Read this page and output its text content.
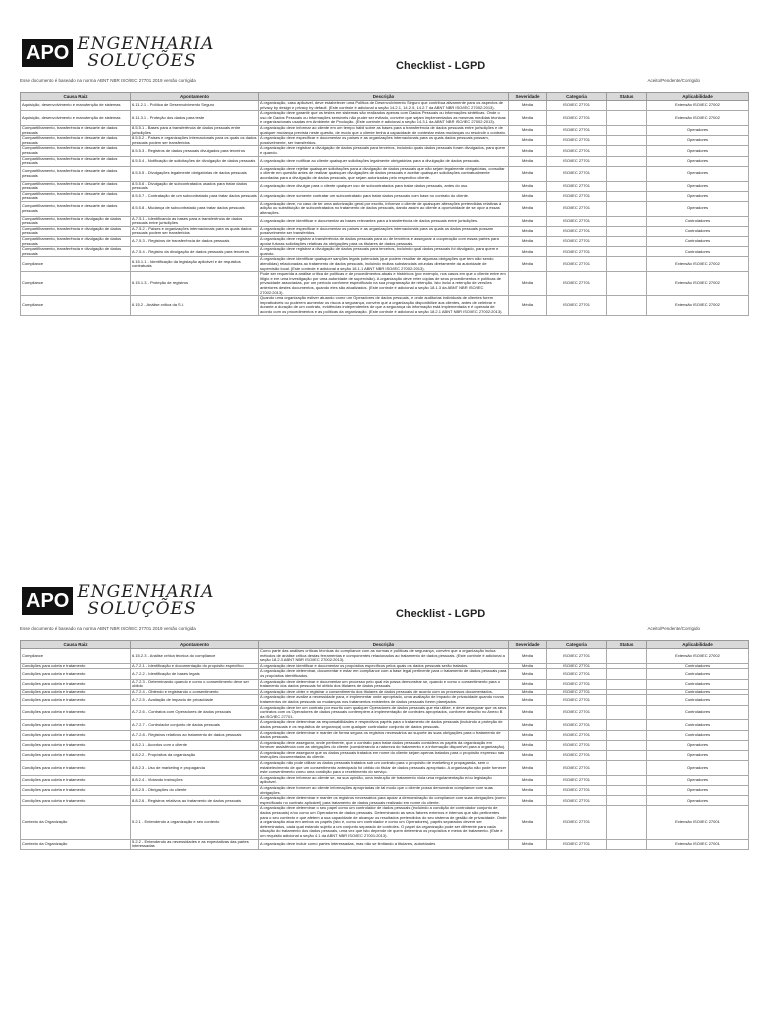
APO ENGENHARIA
SOLUÇÕES	Checklist - LGPD
Esse documento é baseado na norma ABNT NBR ISO/IEC 27701 2019 versão corrigida	Aceito/Pendente/Corrigido
Causa Raiz	Apontamento	Descrição	Severidade	Categoria	Status	Aplicabilidade
Aquisição, desenvolvimento e manutenção de sistemas	6.11.2.1 - Política de Desenvolvimento Seguro	A organização, caso aplicável, deve estabelecer uma Política de Desenvolvimento Seguro que contribua ativamente para os aspectos de privacy by design e privacy by default. (Este controle é adicional a seção 14.2.1, 14.2.5, 14.2.7 da ABNT NBR ISO/IEC 27002:2013).	Média	ISO/IEC 27701		Extensão ISO/IEC 27002
Aquisição, desenvolvimento e manutenção de sistemas	6.11.3.1 - Proteção dos dados para teste	A organização deve garantir que os testes em sistemas são realizados apenas com Dados Pessoais ou informações sintéticas. Onde o uso de Dados Pessoais ou informações sensíveis não puder ser evitado, convém que sejam implementados as mesmas medidas técnicas e organizacionais usadas em Ambiente de Produção. (Este controle é adicional a seção 14.3.1 da ABNT NBR ISO/IEC 27002:2013).	Média	ISO/IEC 27701		Extensão ISO/IEC 27002
Compartilhamento, transferência e descarte de dados pessoais	8.5.5.1 - Bases para a transferência de dados pessoais entre jurisdições	A organização deve informar ao cliente em um tempo hábil sobre as bases para a transferência de dados pessoais entre jurisdições e de qualquer mudança prevista neste quesito, de modo que o cliente tenha a capacidade de contestar estas mudanças ou rescindir o contrato.	Média	ISO/IEC 27701		Operadores
Compartilhamento, transferência e descarte de dados pessoais	8.5.5.2 - Países e organizações internacionais para os quais os dados pessoais podem ser transferidos	A organização deve especificar e documentar os países e as organizações internacionais para os quais dados pessoais possam, possivelmente, ser transferidos.	Média	ISO/IEC 27701		Operadores
Compartilhamento, transferência e descarte de dados pessoais	8.5.5.3 - Registros de dados pessoais divulgados para terceiros	A organização deve registrar a divulgação de dados pessoais para terceiros, incluindo quais dados pessoais foram divulgados, para quem e quando.	Média	ISO/IEC 27701		Operadores
Compartilhamento, transferência e descarte de dados pessoais	8.5.5.4 - Notificação de solicitações de divulgação de dados pessoais	A organização deve notificar ao cliente quaisquer solicitações legalmente obrigatórias para a divulgação de dados pessoais.	Média	ISO/IEC 27701		Operadores
Compartilhamento, transferência e descarte de dados pessoais	8.5.5.5 - Divulgações legalmente obrigatórias de dados pessoais	A organização deve rejeitar quaisquer solicitações para a divulgação de dados pessoais que não sejam legalmente obrigatórias, consultar o cliente em questão antes de realizar quaisquer divulgações de dados pessoais e aceitar quaisquer solicitações contratualmente acordadas para a divulgação de dados pessoais, que sejam autorizadas pelo respectivo cliente.	Média	ISO/IEC 27701		Operadores
Compartilhamento, transferência e descarte de dados pessoais	8.5.5.6 - Divulgação de subcontratados usados para tratar dados pessoais	A organização deve divulgar para o cliente qualquer uso de subcontratados para tratar dados pessoais, antes do uso.	Média	ISO/IEC 27701		Operadores
Compartilhamento, transferência e descarte de dados pessoais	8.5.5.7 - Contratação de um subcontratado para tratar dados pessoais	A organização deve somente contratar um subcontratado para tratar dados pessoais com base no contrato do cliente.	Média	ISO/IEC 27701		Operadores
Compartilhamento, transferência e descarte de dados pessoais	8.5.5.8 - Mudança de subcontratado para tratar dados pessoais	A organização deve, no caso de ter uma autorização geral por escrito, informar o cliente de quaisquer alterações pretendidas relativas à adição ou substituição de subcontratados no tratamento de dados pessoais, dando assim ao cliente a oportunidade de se opor a essas alterações.	Média	ISO/IEC 27701		Operadores
Compartilhamento, transferência e divulgação de dados pessoais	A.7.5.1 - Identificando as bases para a transferência de dados pessoais entre jurisdições	A organização deve identificar e documentar as bases relevantes para a transferência de dados pessoais entre jurisdições.	Média	ISO/IEC 27701		Controladores
Compartilhamento, transferência e divulgação de dados pessoais	A.7.5.2 - Países e organizações internacionais para os quais dados pessoais podem ser transferidos	A organização deve especificar e documentar os países e as organizações internacionais para os quais os dados pessoais possam possivelmente ser transferidos.	Média	ISO/IEC 27701		Controladores
Compartilhamento, transferência e divulgação de dados pessoais	A.7.5.3 - Registros de transferência de dados pessoais	A organização deve registrar a transferência de dados pessoais para ou de terceiros e assegurar a cooperação com essas partes para apoiar futuras solicitações relativas às obrigações para os titulares de dados pessoais.	Média	ISO/IEC 27701		Controladores
Compartilhamento, transferência e divulgação de dados pessoais	A.7.5.4 - Registro da divulgação de dados pessoais para terceiros	A organização deve registrar a divulgação de dados pessoais para terceiros, incluindo qual dados pessoais foi divulgado, para quem e quando.	Média	ISO/IEC 27701		Controladores
Compliance	6.15.1.1 - Identificação da legislação aplicável e de requisitos contratuais	A organização deve identificar quaisquer sanções legais potenciais (que podem resultar de algumas obrigações que tem não sendo atendidas) relacionadas ao tratamento de dados pessoais, incluindo multas substanciais oriundas diretamente da autoridade de supervisão local. (Este controle é adicional a seção 18.1.1 ABNT NBR ISO/IEC 27002:2013).	Média	ISO/IEC 27701		Extensão ISO/IEC 27002
Compliance	6.15.1.3 - Proteção de registros	Pode ser requerida a análise crítica de políticas e de procedimentos atuais e históricos (por exemplo, nos casos em que o cliente entre em litígio e em uma investigação por uma autoridade de supervisão). A organização deve reter cópias de seus procedimentos e políticas de privacidade associadas, por um período conforme especificado na sua programação de retenção. Isto inclui a retenção de versões anteriores destes documentos, quando eles são atualizados. (Este controle é adicional a seção 18.1.3 da ABNT NBR ISO/IEC 27002:2013).	Média	ISO/IEC 27701		Extensão ISO/IEC 27002
Compliance	6.15.2 - Análise crítica da S.I.	Quando uma organização estiver atuando como um Operadores de dados pessoais, e onde auditorias individuais de clientes forem impraticáveis ou puderem aumentar os riscos a segurança, convém que a organização disponibilize aos clientes, antes de celebrar e durante a duração de um contrato, evidências independentes de que a segurança da informação está implementada e é operada de acordo com os procedimentos e as políticas da organização. (Este controle é adicional a seção 18.2.1 ABNT NBR ISO/IEC 27002:2013).	Média	ISO/IEC 27701		Extensão ISO/IEC 27002
APO ENGENHARIA
SOLUÇÕES	Checklist - LGPD
Esse documento é baseado na norma ABNT NBR ISO/IEC 27701 2019 versão corrigida	Aceito/Pendente/Corrigido
Causa Raiz	Apontamento	Descrição	Severidade	Categoria	Status	Aplicabilidade
Compliance	6.15.2.3 - Análise crítica técnica do compliance	Como parte das análises críticas técnicas do compliance com as normas e políticas de segurança, convém que a organização inclua métodos de análise crítica destas ferramentas e componentes relacionados ao tratamento de dados pessoais. (Este controle é adicional a seção 18.2.3 ABNT NBR ISO/IEC 27002:2013).	Média	ISO/IEC 27701		Extensão ISO/IEC 27002
Condições para coleta e tratamento	A.7.2.1 - Identificação e documentação do propósito específico	A organização deve identificar e documentar os propósitos específicos pelos quais os dados pessoais serão tratados.	Média	ISO/IEC 27701		Controladores
Condições para coleta e tratamento	A.7.2.2 - Identificação de bases legais	A organização deve determinar, documentar e estar em compliance com a base legal pertinente para o tratamento de dados pessoais para os propósitos identificados.	Média	ISO/IEC 27701		Controladores
Condições para coleta e tratamento	A.7.2.3 - Determinando quando e como o consentimento deve ser obtido	A organização deve determinar e documentar um processo pelo qual ela possa demonstrar se, quando e como o consentimento para o tratamento dos dados pessoais foi obtido dos titulares de dados pessoais.	Média	ISO/IEC 27701		Controladores
Condições para coleta e tratamento	A.7.2.4 - Obtendo e registrando o consentimento	A organização deve obter e registrar o consentimento dos titulares de dados pessoais de acordo com os processos documentados.	Média	ISO/IEC 27701		Controladores
Condições para coleta e tratamento	A.7.2.5 - Avaliação de impacto de privacidade	A organização deve avaliar a necessidade para, e implementar onde apropriado, uma avaliação de impacto de privacidade quando novos tratamentos de dados pessoais ou mudanças nos tratamentos existentes de dados pessoais forem planejados.	Média	ISO/IEC 27701		Controladores
Condições para coleta e tratamento	A.7.2.6 - Contratos com Operadores de dados pessoais	A organização deve ter um contrato por escrito com qualquer Operadores de dados pessoais que ela utilize, e deve assegurar que os seus contratos com os Operadores de dados pessoais contemplem a implementação de controles apropriados, conforme descrito no Anexo B da ISO/IEC 27701.	Média	ISO/IEC 27701		Controladores
Condições para coleta e tratamento	A.7.2.7 - Controlador conjunto de dados pessoais	A organização deve determinar as responsabilidades e respectivos papéis para o tratamento de dados pessoais (incluindo a proteção de dados pessoais e os requisitos de segurança) com qualquer controlador conjunto de dados pessoais.	Média	ISO/IEC 27701		Controladores
Condições para coleta e tratamento	A.7.2.8 - Registros relativos ao tratamento de dados pessoais	A organização deve determinar e manter de forma segura os registros necessários ao suporte às suas obrigações para o tratamento de dados pessoais.	Média	ISO/IEC 27701		Controladores
Condições para coleta e tratamento	8.8.2.1 - Acordos com o cliente	A organização deve assegurar, onde pertinente, que o contrato para tratar dados pessoais considera os papéis da organização em fornecer assistência com as obrigações do cliente (considerando a natureza do tratamento e a informação disponível para a organização).	Média	ISO/IEC 27701		Operadores
Condições para coleta e tratamento	8.8.2.2 - Propósitos da organização	A organização deve assegurar que os dados pessoais tratados em nome do cliente sejam apenas tratados para o propósito expresso nas instruções documentadas do cliente.	Média	ISO/IEC 27701		Operadores
Condições para coleta e tratamento	8.8.2.3 - Uso de marketing e propaganda	A organização não pode utilizar os dados pessoais tratados sob um contrato para o propósito de marketing e propaganda, sem o estabelecimento de que um consentimento antecipado foi obtido do titular de dados pessoais apropriado. A organização não pode fornecer este consentimento como uma condição para o recebimento do serviço.	Média	ISO/IEC 27701		Operadores
Condições para coleta e tratamento	8.8.2.4 - Violando instruções	A organização deve informar ao cliente se, na sua opinião, uma instrução de tratamento viola uma regulamentação e/ou legislação aplicável.	Média	ISO/IEC 27701		Operadores
Condições para coleta e tratamento	8.8.2.5 - Obrigações do cliente	A organização deve fornecer ao cliente informações apropriadas de tal modo que o cliente possa demonstrar compliance com suas obrigações.	Média	ISO/IEC 27701		Operadores
Condições para coleta e tratamento	8.8.2.6 - Registros relativos ao tratamento de dados pessoais	A organização deve determinar e manter os registros necessários para apoiar a demonstração do compliance com suas obrigações (como especificado no contrato aplicável) para tratamento de dados pessoais realizado em nome do cliente.	Média	ISO/IEC 27701		Operadores
Contexto da Organização	5.2.1 - Entendendo a organização e seu contexto	A organização deve determinar o seu papel como um controlador de dados pessoais (incluindo a condição de controlador conjunto de dados pessoais) e/ou como um Operadores de dados pessoais. Determinando as seus fatores externos e internos que são pertinentes para o seu contexto e que afetem a sua capacidade de alcançar os resultados pretendidos do seu sistema de gestão de privacidade. Onde a organização atua em ambos os papéis (isto é, como um controlador e como um Operadores), papéis separados devem ser determinados, cada qual estando sujeito a um conjunto separado de controles. O papel da organização pode ser diferente para cada situação do tratamento dos dados pessoais, uma vez que isto depende de quem determina os propósitos e meios de tratamento. (Este é um requisito adicional a seção 4.1 da ABNT NBR ISO/IEC 27001:2013).	Média	ISO/IEC 27701		Extensão ISO/IEC 27001
Contexto da Organização	5.2.2 - Entendendo as necessidades e as expectativas das partes interessadas	A organização deve incluir como partes interessadas, mas não se limitando a titulares, autoridades	Média	ISO/IEC 27701		Extensão ISO/IEC 27001
